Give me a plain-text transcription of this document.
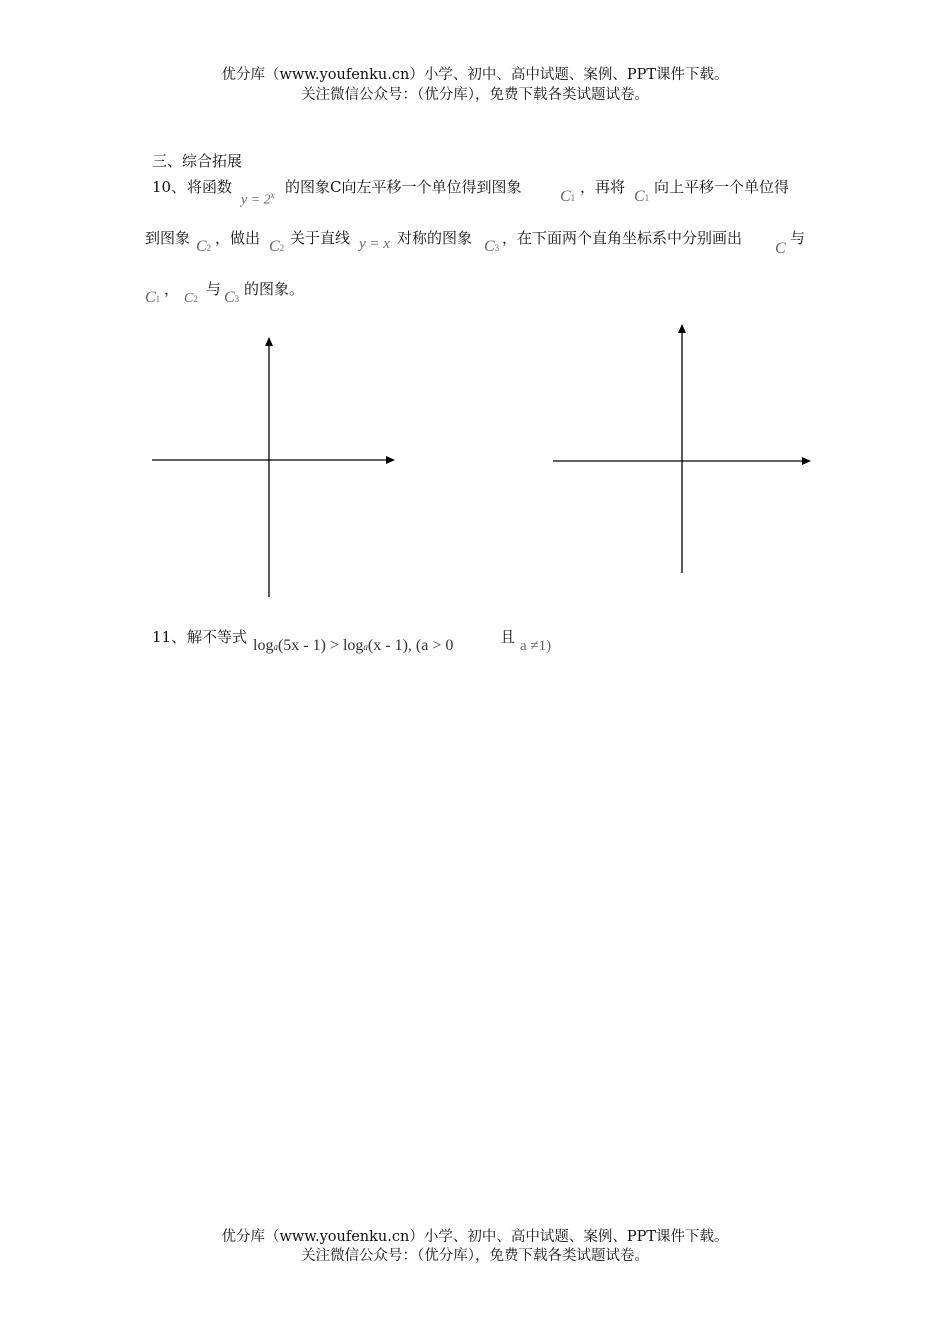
优分库（www.youfenku.cn）小学、初中、高中试题、案例、PPT课件下载。
关注微信公众号：（优分库），免费下载各类试题试卷。
三、综合拓展
10、 将函数
$y = 2^x$ 的图象C向左平移一个单位得到图象
C1
，再将
C1
向上平移一个单位得
到图象 C2
，做出 C2
关于直线 y = x 对称的图象 C3
，在下面两个直角坐标系中分别画出
C
与
C1
，
C2
与 C3
的图象。
11、 解不等式 loga(5x - 1) > loga(x - 1), (a > 0	且 a ≠1)
优分库（www.youfenku.cn）小学、初中、高中试题、案例、PPT课件下载。
关注微信公众号：（优分库），免费下载各类试题试卷。
